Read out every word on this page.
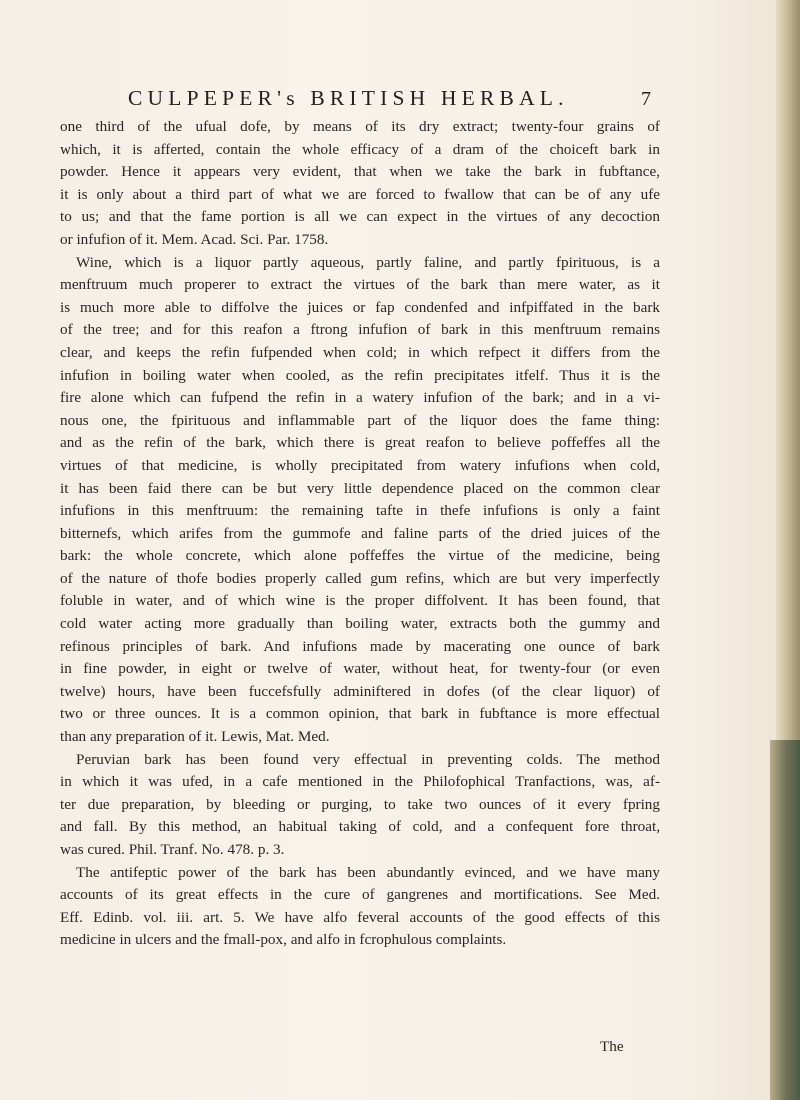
CULPEPER's BRITISH HERBAL.	7
one third of the ufual dofe, by means of its dry extract; twenty-four grains of
which, it is afferted, contain the whole efficacy of a dram of the choiceft bark in
powder. Hence it appears very evident, that when we take the bark in fubftance,
it is only about a third part of what we are forced to fwallow that can be of any ufe
to us; and that the fame portion is all we can expect in the virtues of any decoction
or infufion of it. Mem. Acad. Sci. Par. 1758.
Wine, which is a liquor partly aqueous, partly faline, and partly fpirituous, is a
menftruum much properer to extract the virtues of the bark than mere water, as it
is much more able to diffolve the juices or fap condenfed and infpiffated in the bark
of the tree; and for this reafon a ftrong infufion of bark in this menftruum remains
clear, and keeps the refin fufpended when cold; in which refpect it differs from the
infufion in boiling water when cooled, as the refin precipitates itfelf. Thus it is the
fire alone which can fufpend the refin in a watery infufion of the bark; and in a vi-
nous one, the fpirituous and inflammable part of the liquor does the fame thing:
and as the refin of the bark, which there is great reafon to believe poffeffes all the
virtues of that medicine, is wholly precipitated from watery infufions when cold,
it has been faid there can be but very little dependence placed on the common clear
infufions in this menftruum: the remaining tafte in thefe infufions is only a faint
bitternefs, which arifes from the gummofe and faline parts of the dried juices of the
bark: the whole concrete, which alone poffeffes the virtue of the medicine, being
of the nature of thofe bodies properly called gum refins, which are but very imperfectly
foluble in water, and of which wine is the proper diffolvent. It has been found, that
cold water acting more gradually than boiling water, extracts both the gummy and
refinous principles of bark. And infufions made by macerating one ounce of bark
in fine powder, in eight or twelve of water, without heat, for twenty-four (or even
twelve) hours, have been fuccefsfully adminiftered in dofes (of the clear liquor) of
two or three ounces. It is a common opinion, that bark in fubftance is more effectual
than any preparation of it. Lewis, Mat. Med.
Peruvian bark has been found very effectual in preventing colds. The method
in which it was ufed, in a cafe mentioned in the Philofophical Tranfactions, was, af-
ter due preparation, by bleeding or purging, to take two ounces of it every fpring
and fall. By this method, an habitual taking of cold, and a confequent fore throat,
was cured. Phil. Tranf. No. 478. p. 3.
The antifeptic power of the bark has been abundantly evinced, and we have many
accounts of its great effects in the cure of gangrenes and mortifications. See Med.
Eff. Edinb. vol. iii. art. 5. We have alfo feveral accounts of the good effects of this
medicine in ulcers and the fmall-pox, and alfo in fcrophulous complaints.
The
